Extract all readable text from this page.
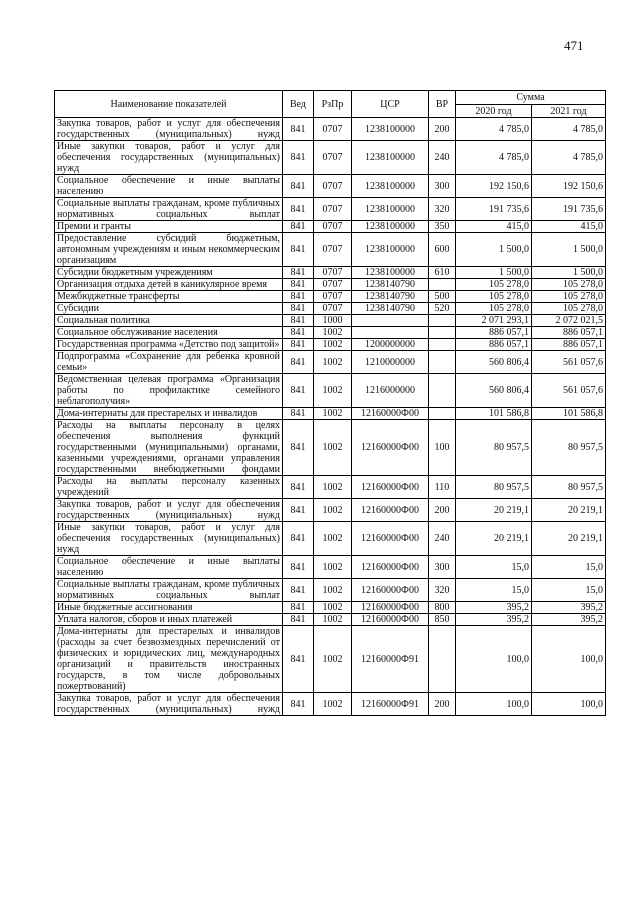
471
Наименование показателей	Вед	РзПр	ЦСР	ВР	Сумма	
					2020 год	2021 год
Закупка товаров, работ и услуг для обеспечения государственных (муниципальных) нужд	841	0707	1238100000	200	4 785,0	4 785,0
Иные закупки товаров, работ и услуг для обеспечения государственных (муниципальных) нужд	841	0707	1238100000	240	4 785,0	4 785,0
Социальное обеспечение и иные выплаты населению	841	0707	1238100000	300	192 150,6	192 150,6
Социальные выплаты гражданам, кроме публичных нормативных социальных выплат	841	0707	1238100000	320	191 735,6	191 735,6
Премии и гранты	841	0707	1238100000	350	415,0	415,0
Предоставление субсидий бюджетным, автономным учреждениям и иным некоммерческим организациям	841	0707	1238100000	600	1 500,0	1 500,0
Субсидии бюджетным учреждениям	841	0707	1238100000	610	1 500,0	1 500,0
Организация отдыха детей в каникулярное время	841	0707	1238140790		105 278,0	105 278,0
Межбюджетные трансферты	841	0707	1238140790	500	105 278,0	105 278,0
Субсидии	841	0707	1238140790	520	105 278,0	105 278,0
Социальная политика	841	1000			2 071 293,1	2 072 021,5
Социальное обслуживание населения	841	1002			886 057,1	886 057,1
Государственная программа «Детство под защитой»	841	1002	1200000000		886 057,1	886 057,1
Подпрограмма «Сохранение для ребенка кровной семьи»	841	1002	1210000000		560 806,4	561 057,6
Ведомственная целевая программа «Организация работы по профилактике семейного неблагополучия»	841	1002	1216000000		560 806,4	561 057,6
Дома-интернаты для престарелых и инвалидов	841	1002	12160000Ф00		101 586,8	101 586,8
Расходы на выплаты персоналу в целях обеспечения выполнения функций государственными (муниципальными) органами, казенными учреждениями, органами управления государственными внебюджетными фондами	841	1002	12160000Ф00	100	80 957,5	80 957,5
Расходы на выплаты персоналу казенных учреждений	841	1002	12160000Ф00	110	80 957,5	80 957,5
Закупка товаров, работ и услуг для обеспечения государственных (муниципальных) нужд	841	1002	12160000Ф00	200	20 219,1	20 219,1
Иные закупки товаров, работ и услуг для обеспечения государственных (муниципальных) нужд	841	1002	12160000Ф00	240	20 219,1	20 219,1
Социальное обеспечение и иные выплаты населению	841	1002	12160000Ф00	300	15,0	15,0
Социальные выплаты гражданам, кроме публичных нормативных социальных выплат	841	1002	12160000Ф00	320	15,0	15,0
Иные бюджетные ассигнования	841	1002	12160000Ф00	800	395,2	395,2
Уплата налогов, сборов и иных платежей	841	1002	12160000Ф00	850	395,2	395,2
Дома-интернаты для престарелых и инвалидов (расходы за счет безвозмездных перечислений от физических и юридических лиц, международных организаций и правительств иностранных государств, в том числе добровольных пожертвований)	841	1002	12160000Ф91		100,0	100,0
Закупка товаров, работ и услуг для обеспечения государственных (муниципальных) нужд	841	1002	12160000Ф91	200	100,0	100,0
